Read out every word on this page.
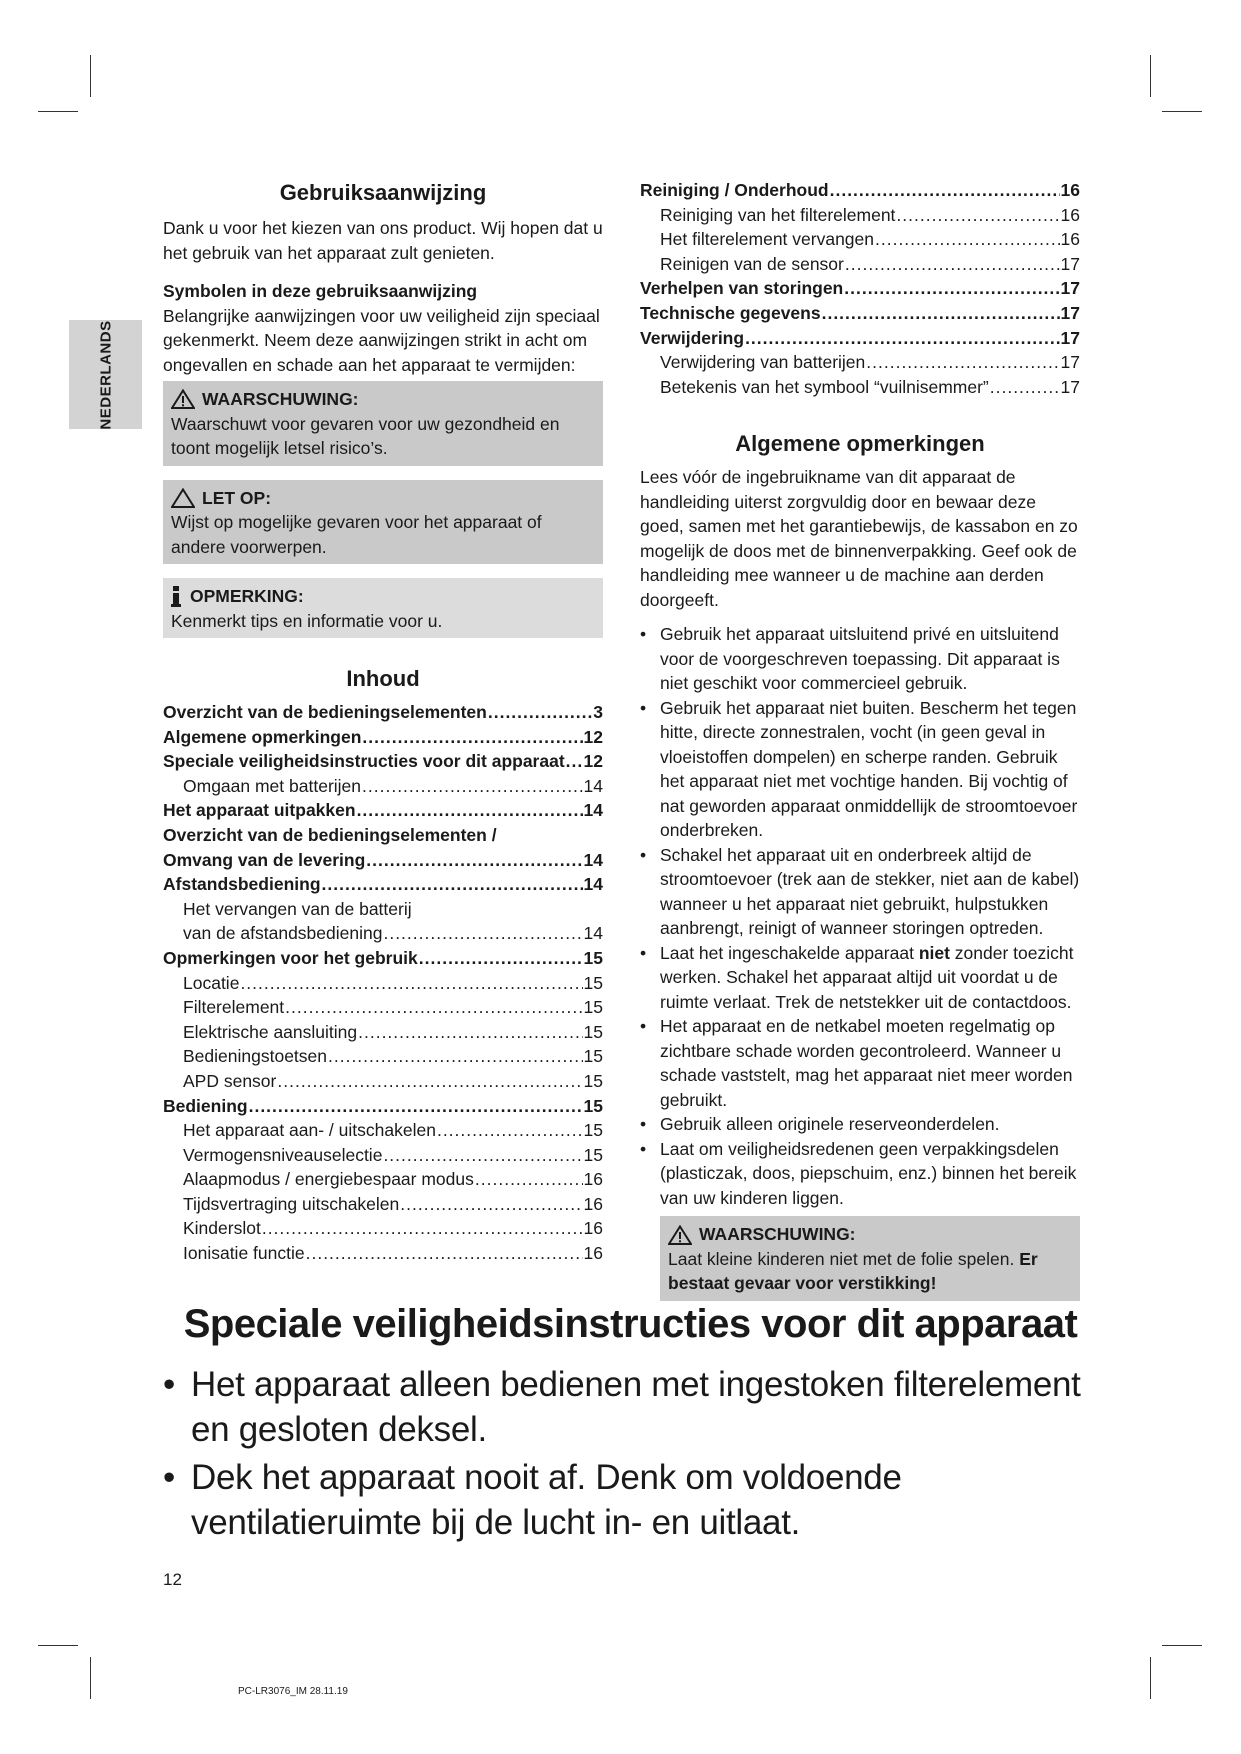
NEDERLANDS
Gebruiksaanwijzing

Dank u voor het kiezen van ons product. Wij hopen dat u het gebruik van het apparaat zult genieten.

Symbolen in deze gebruiksaanwijzing

Belangrijke aanwijzingen voor uw veiligheid zijn speciaal gekenmerkt. Neem deze aanwijzingen strikt in acht om ongevallen en schade aan het apparaat te vermijden:

WAARSCHUWING:

Waarschuwt voor gevaren voor uw gezondheid en toont mogelijk letsel risico’s.

LET OP:

Wijst op mogelijke gevaren voor het apparaat of andere voorwerpen.

OPMERKING:

Kenmerkt tips en informatie voor u.

Inhoud
Overzicht van de bedieningselementen .....	3
Algemene opmerkingen .....	12
Speciale veiligheidsinstructies voor dit apparaat ..... 12
Omgaan met batterijen .....	14
Het apparaat uitpakken .....	14
Overzicht van de bedieningselementen /
Omvang van de levering .....	14
Afstandsbediening .....	14
Het vervangen van de batterij
van de afstandsbediening .....	14
Opmerkingen voor het gebruik .....	15
Locatie .....	15
Filterelement .....	15
Elektrische aansluiting .....	15
Bedieningstoetsen .....	15
APD sensor .....	15
Bediening .....	15
Het apparaat aan- / uitschakelen .....	15
Vermogensniveauselectie .....	15
Alaapmodus / energiebespaar modus .....	16
Tijdsvertraging uitschakelen .....	16
Kinderslot .....	16
Ionisatie functie .....	16
Reiniging / Onderhoud .....	16
Reiniging van het filterelement .....	16
Het filterelement vervangen .....	16
Reinigen van de sensor .....	17
Verhelpen van storingen .....	17
Technische gegevens .....	17
Verwijdering .....	17
Verwijdering van batterijen .....	17
Betekenis van het symbool “vuilnisemmer” .....	17
Algemene opmerkingen

Lees vóór de ingebruikname van dit apparaat de handleiding uiterst zorgvuldig door en bewaar deze goed, samen met het garantiebewijs, de kassabon en zo mogelijk de doos met de binnenverpakking. Geef ook de handleiding mee wanneer u de machine aan derden doorgeeft.

• Gebruik het apparaat uitsluitend privé en uitsluitend voor de voorgeschreven toepassing. Dit apparaat is niet geschikt voor commercieel gebruik.
• Gebruik het apparaat niet buiten. Bescherm het tegen hitte, directe zonnestralen, vocht (in geen geval in vloeistoffen dompelen) en scherpe randen. Gebruik het apparaat niet met vochtige handen. Bij vochtig of nat geworden apparaat onmiddellijk de stroomtoevoer onderbreken.
• Schakel het apparaat uit en onderbreek altijd de stroomtoevoer (trek aan de stekker, niet aan de kabel) wanneer u het apparaat niet gebruikt, hulpstukken aanbrengt, reinigt of wanneer storingen optreden.
• Laat het ingeschakelde apparaat niet zonder toezicht werken. Schakel het apparaat altijd uit voordat u de ruimte verlaat. Trek de netstekker uit de contactdoos.
• Het apparaat en de netkabel moeten regelmatig op zichtbare schade worden gecontroleerd. Wanneer u schade vaststelt, mag het apparaat niet meer worden gebruikt.
• Gebruik alleen originele reserveonderdelen.
• Laat om veiligheidsredenen geen verpakkingsdelen (plasticzak, doos, piepschuim, enz.) binnen het bereik van uw kinderen liggen.
WAARSCHUWING:

Laat kleine kinderen niet met de folie spelen. Er bestaat gevaar voor verstikking!

Speciale veiligheidsinstructies voor dit apparaat
• Het apparaat alleen bedienen met ingestoken filterelement en gesloten deksel.
• Dek het apparaat nooit af. Denk om voldoende ventilatieruimte bij de lucht in- en uitlaat.
12
PC-LR3076_IM 28.11.19
